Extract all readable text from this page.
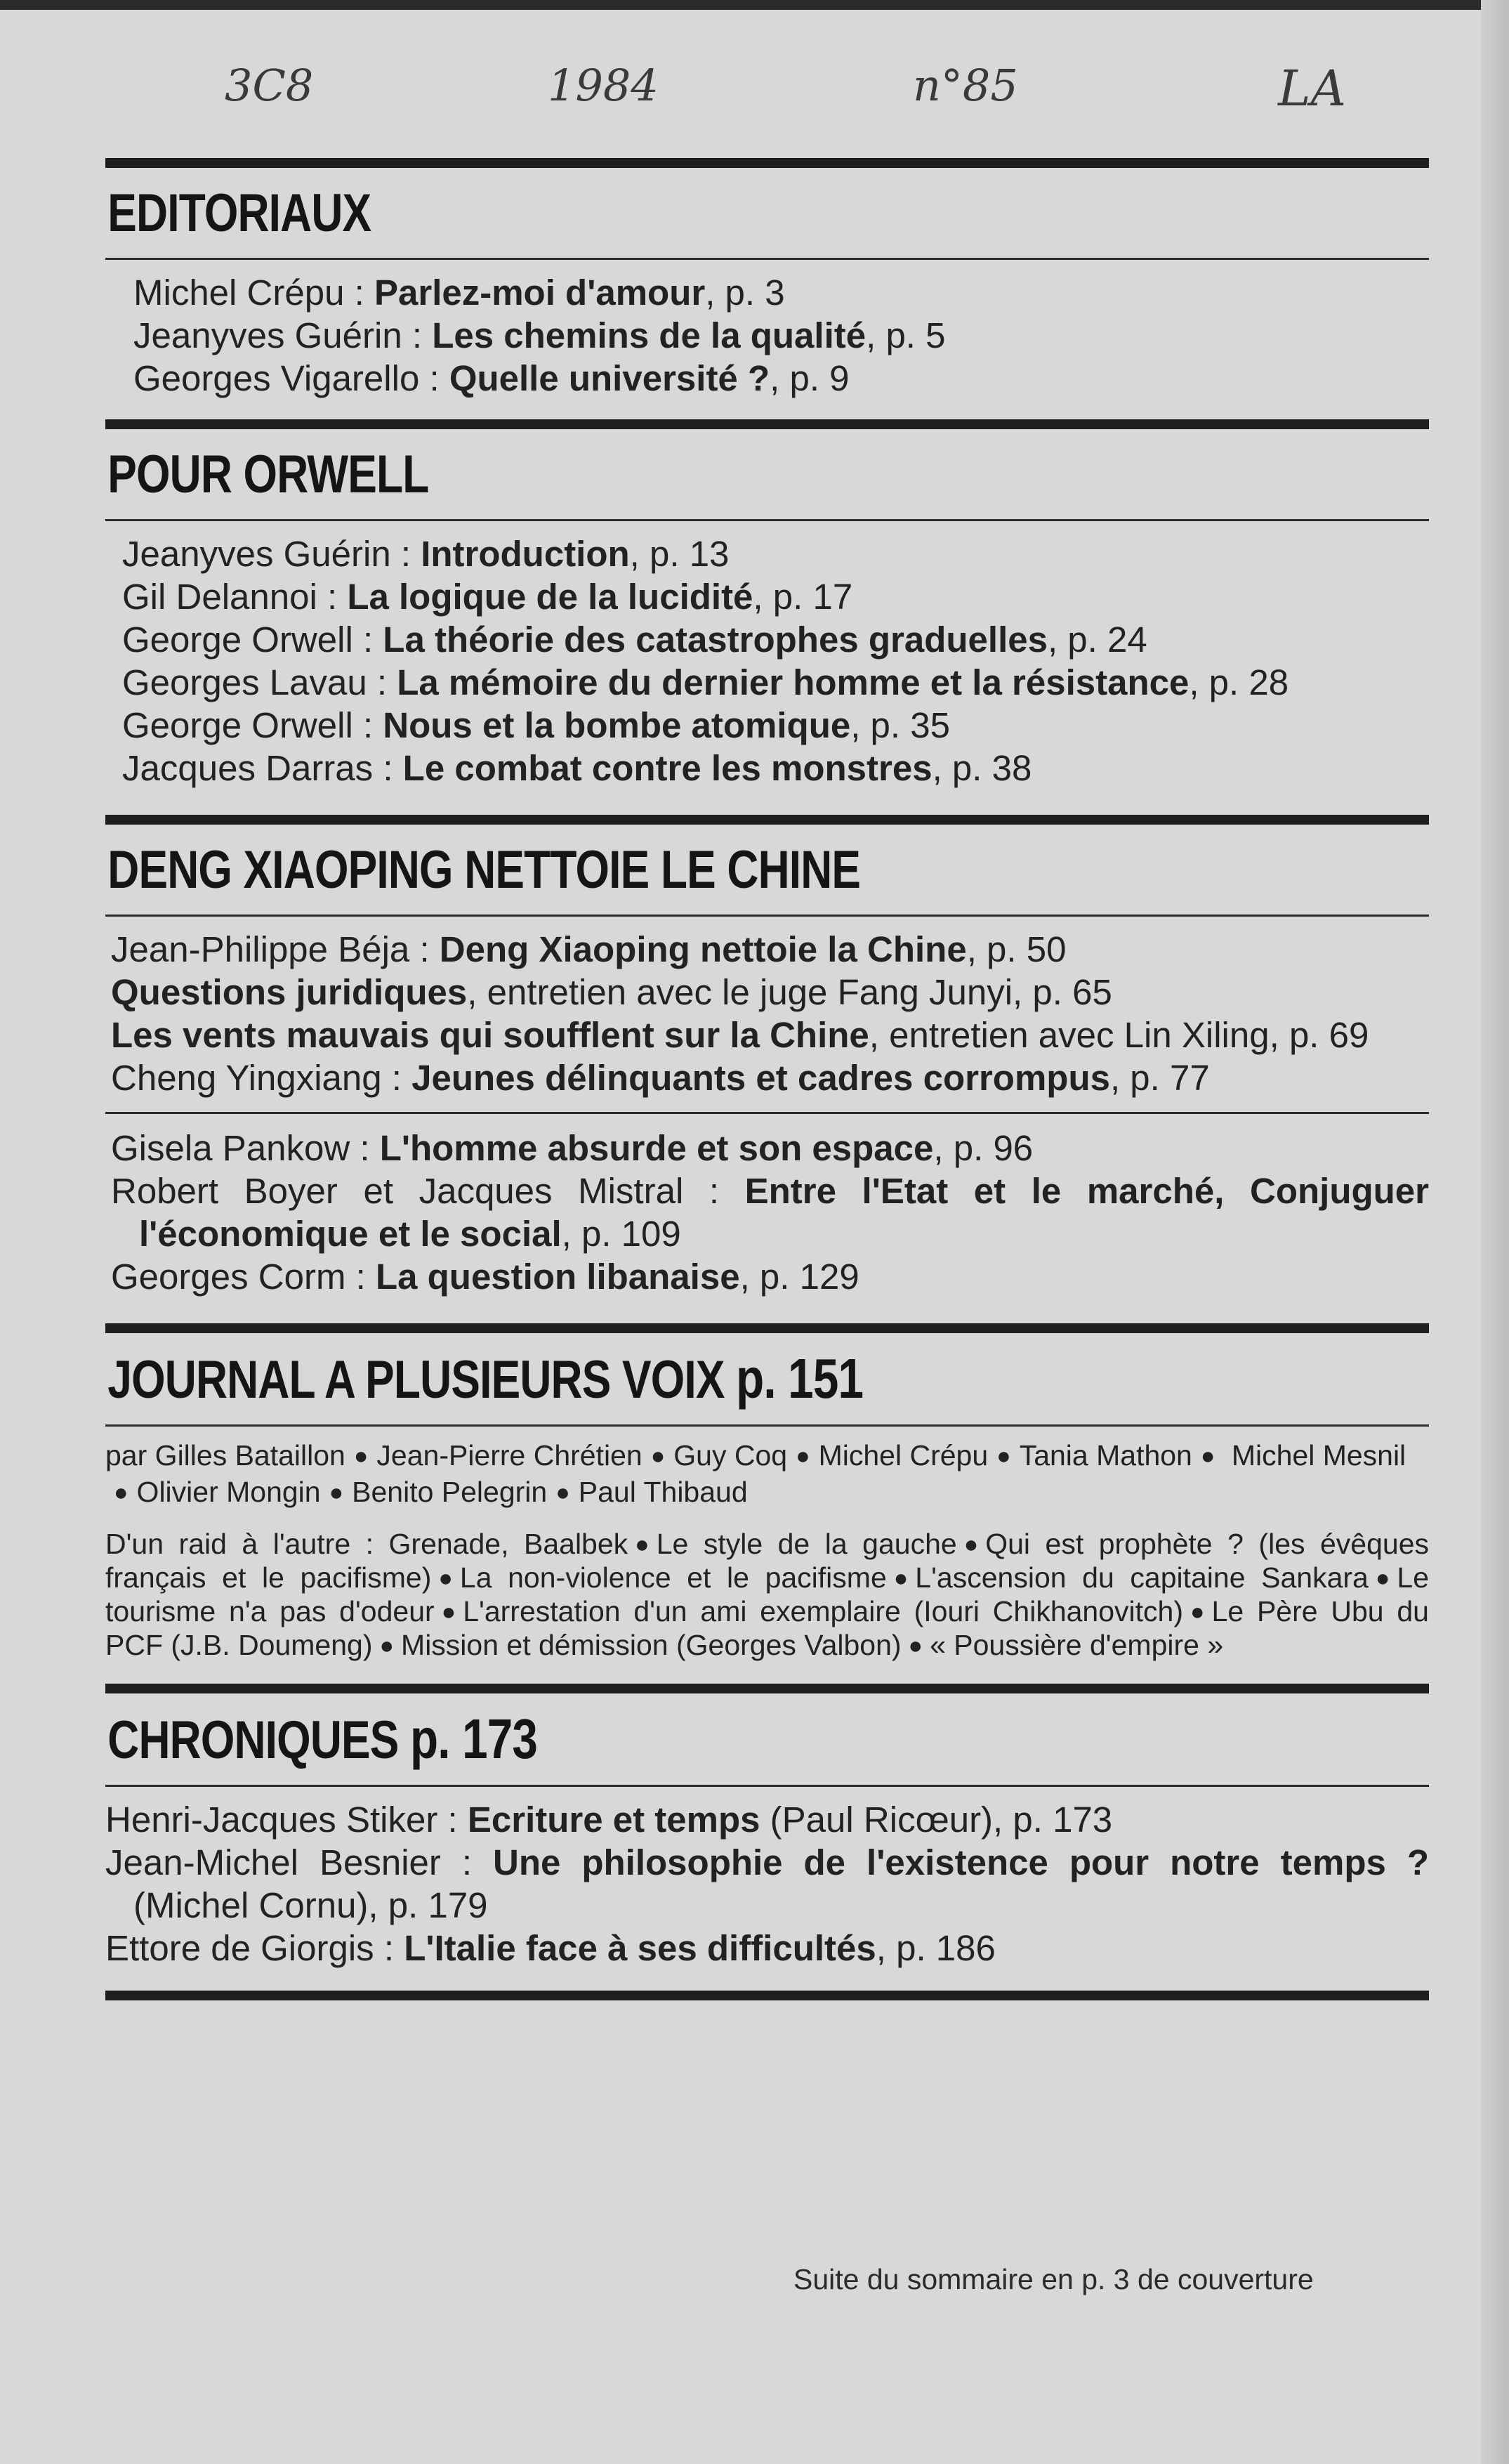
3C8	1984	n°85	LA
EDITORIAUX
Michel Crépu : Parlez-moi d'amour, p. 3
Jeanyves Guérin : Les chemins de la qualité, p. 5
Georges Vigarello : Quelle université ?, p. 9
POUR ORWELL
Jeanyves Guérin : Introduction, p. 13
Gil Delannoi : La logique de la lucidité, p. 17
George Orwell : La théorie des catastrophes graduelles, p. 24
Georges Lavau : La mémoire du dernier homme et la résistance, p. 28
George Orwell : Nous et la bombe atomique, p. 35
Jacques Darras : Le combat contre les monstres, p. 38
DENG XIAOPING NETTOIE LE CHINE
Jean-Philippe Béja : Deng Xiaoping nettoie la Chine, p. 50
Questions juridiques, entretien avec le juge Fang Junyi, p. 65
Les vents mauvais qui soufflent sur la Chine, entretien avec Lin Xiling, p. 69
Cheng Yingxiang : Jeunes délinquants et cadres corrompus, p. 77
Gisela Pankow : L'homme absurde et son espace, p. 96
Robert Boyer et Jacques Mistral : Entre l'Etat et le marché, Conjuguer l'économique et le social, p. 109
Georges Corm : La question libanaise, p. 129
JOURNAL A PLUSIEURS VOIX p. 151
par Gilles Bataillon ● Jean-Pierre Chrétien ● Guy Coq ● Michel Crépu ● Tania Mathon ● Michel Mesnil● Olivier Mongin ● Benito Pelegrin ● Paul Thibaud
D'un raid à l'autre : Grenade, Baalbek ● Le style de la gauche ● Qui est prophète ? (les évêques français et le pacifisme) ● La non-violence et le pacifisme ● L'ascension du capitaine Sankara ● Le tourisme n'a pas d'odeur ● L'arrestation d'un ami exemplaire (Iouri Chikhanovitch) ● Le Père Ubu du PCF (J.B. Doumeng) ● Mission et démission (Georges Valbon) ● « Poussière d'empire »
CHRONIQUES p. 173
Henri-Jacques Stiker : Ecriture et temps (Paul Ricœur), p. 173
Jean-Michel Besnier : Une philosophie de l'existence pour notre temps ? (Michel Cornu), p. 179
Ettore de Giorgis : L'Italie face à ses difficultés, p. 186
Suite du sommaire en p. 3 de couverture
